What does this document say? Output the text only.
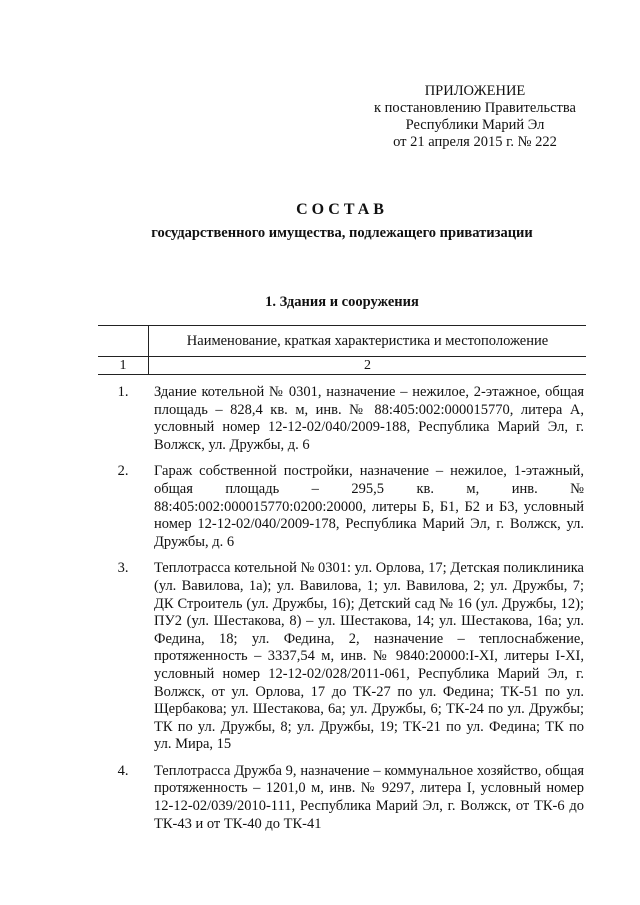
ПРИЛОЖЕНИЕ
к постановлению Правительства
Республики Марий Эл
от 21 апреля 2015 г. № 222
СОСТАВ
государственного имущества, подлежащего приватизации
1. Здания и сооружения
Наименование, краткая характеристика и местоположение
1	2
1.	Здание котельной № 0301, назначение – нежилое, 2-этажное, общая площадь – 828,4 кв. м, инв. № 88:405:002:000015770, литера А, условный номер 12-12-02/040/2009-188, Республика Марий Эл, г. Волжск, ул. Дружбы, д. 6
2.	Гараж собственной постройки, назначение – нежилое, 1-этажный, общая площадь – 295,5 кв. м, инв. № 88:405:002:000015770:0200:20000, литеры Б, Б1, Б2 и Б3, условный номер 12-12-02/040/2009-178, Республика Марий Эл, г. Волжск, ул. Дружбы, д. 6
3.	Теплотрасса котельной № 0301: ул. Орлова, 17; Детская поликлиника (ул. Вавилова, 1а); ул. Вавилова, 1; ул. Вавилова, 2; ул. Дружбы, 7; ДК Строитель (ул. Дружбы, 16); Детский сад № 16 (ул. Дружбы, 12); ПУ2 (ул. Шестакова, 8) – ул. Шестакова, 14; ул. Шестакова, 16а; ул. Федина, 18; ул. Федина, 2, назначение – теплоснабжение, протяженность – 3337,54 м, инв. № 9840:20000:I-XI, литеры I-XI, условный номер 12-12-02/028/2011-061, Республика Марий Эл, г. Волжск, от ул. Орлова, 17 до ТК-27 по ул. Федина; ТК-51 по ул. Щербакова; ул. Шестакова, 6а; ул. Дружбы, 6; ТК-24 по ул. Дружбы; ТК по ул. Дружбы, 8; ул. Дружбы, 19; ТК-21 по ул. Федина; ТК по ул. Мира, 15
4.	Теплотрасса Дружба 9, назначение – коммунальное хозяйство, общая протяженность – 1201,0 м, инв. № 9297, литера I, условный номер 12-12-02/039/2010-111, Республика Марий Эл, г. Волжск, от ТК-6 до ТК-43 и от ТК-40 до ТК-41
